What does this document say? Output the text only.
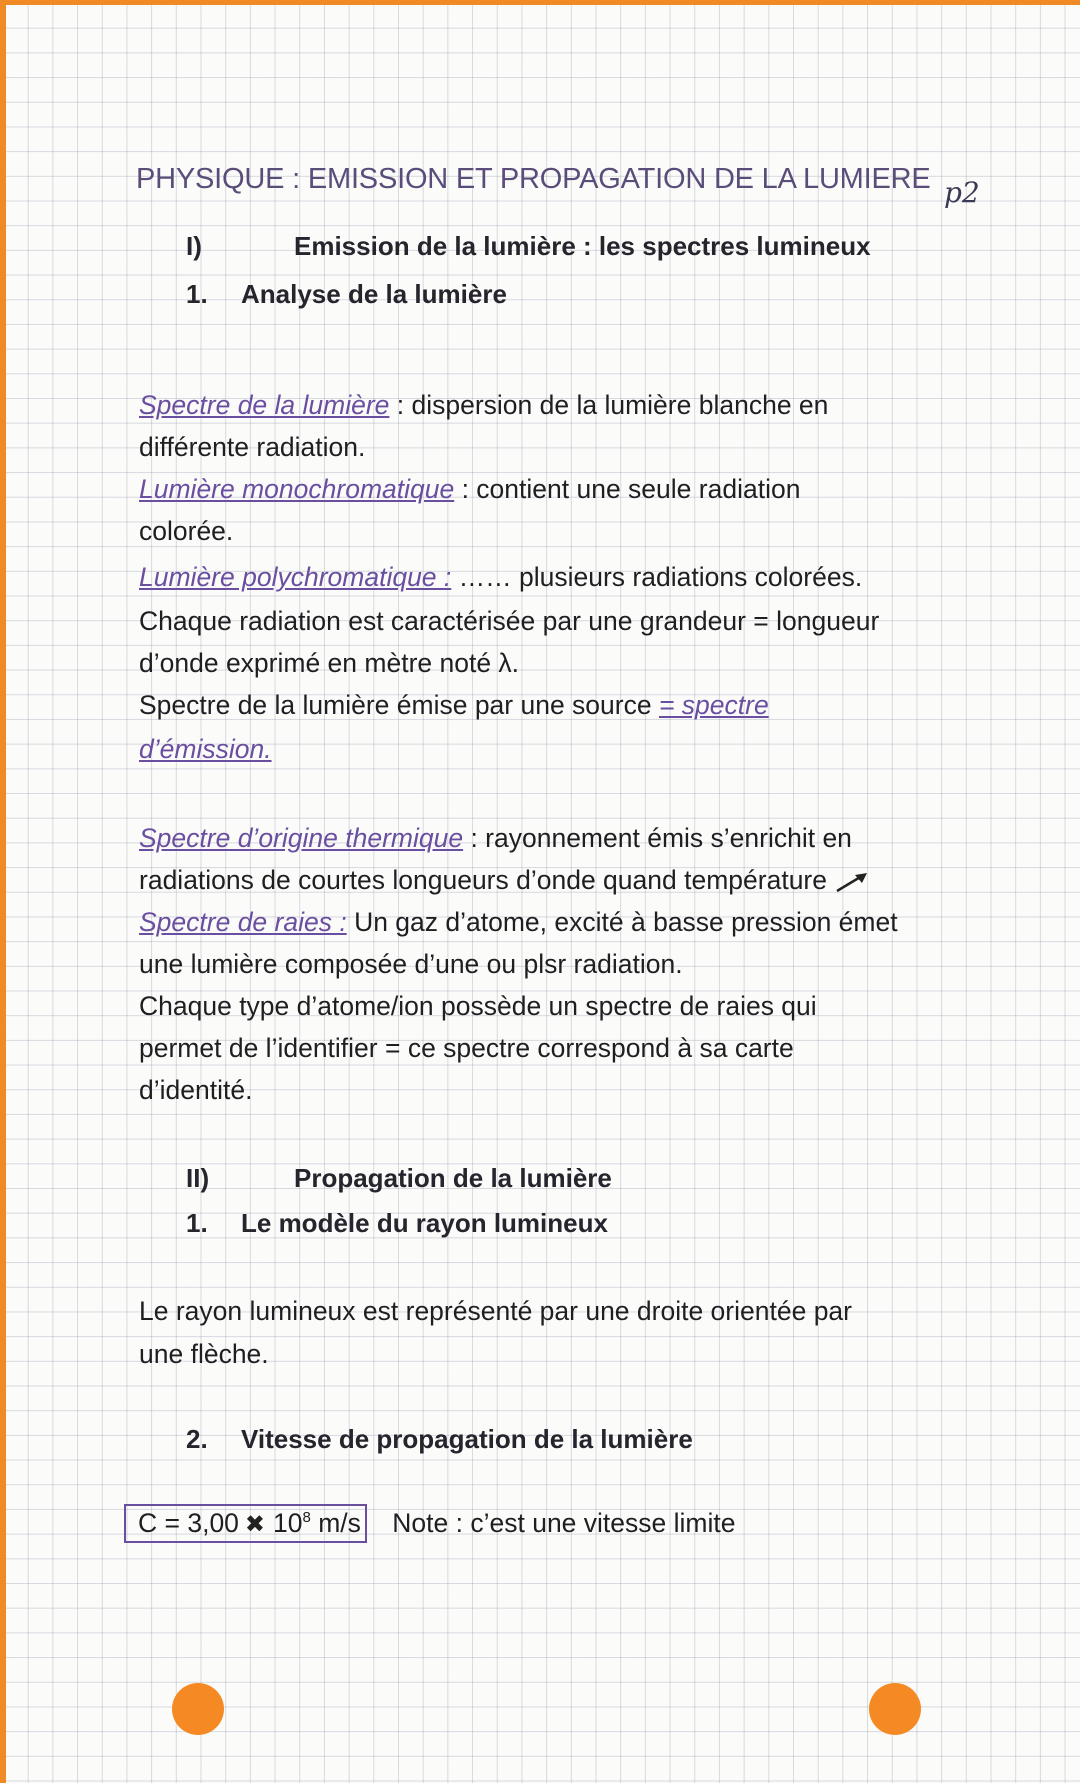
PHYSIQUE : EMISSION ET PROPAGATION DE LA LUMIERE p2
I)	Emission de la lumière : les spectres lumineux
1. Analyse de la lumière
Spectre de la lumière : dispersion de la lumière blanche en
différente radiation.
Lumière monochromatique : contient une seule radiation
colorée.
Lumière polychromatique : …… plusieurs radiations colorées.
Chaque radiation est caractérisée par une grandeur = longueur
d’onde exprimé en mètre noté λ.
Spectre de la lumière émise par une source = spectre
d’émission.
Spectre d’origine thermique : rayonnement émis s’enrichit en
radiations de courtes longueurs d’onde quand température
Spectre de raies : Un gaz d’atome, excité à basse pression émet
une lumière composée d’une ou plsr radiation.
Chaque type d’atome/ion possède un spectre de raies qui
permet de l’identifier = ce spectre correspond à sa carte
d’identité.
II)	Propagation de la lumière
1. Le modèle du rayon lumineux
Le rayon lumineux est représenté par une droite orientée par
une flèche.
2. Vitesse de propagation de la lumière
C = 3,00 ✖ $10^8$ m/s Note : c’est une vitesse limite
